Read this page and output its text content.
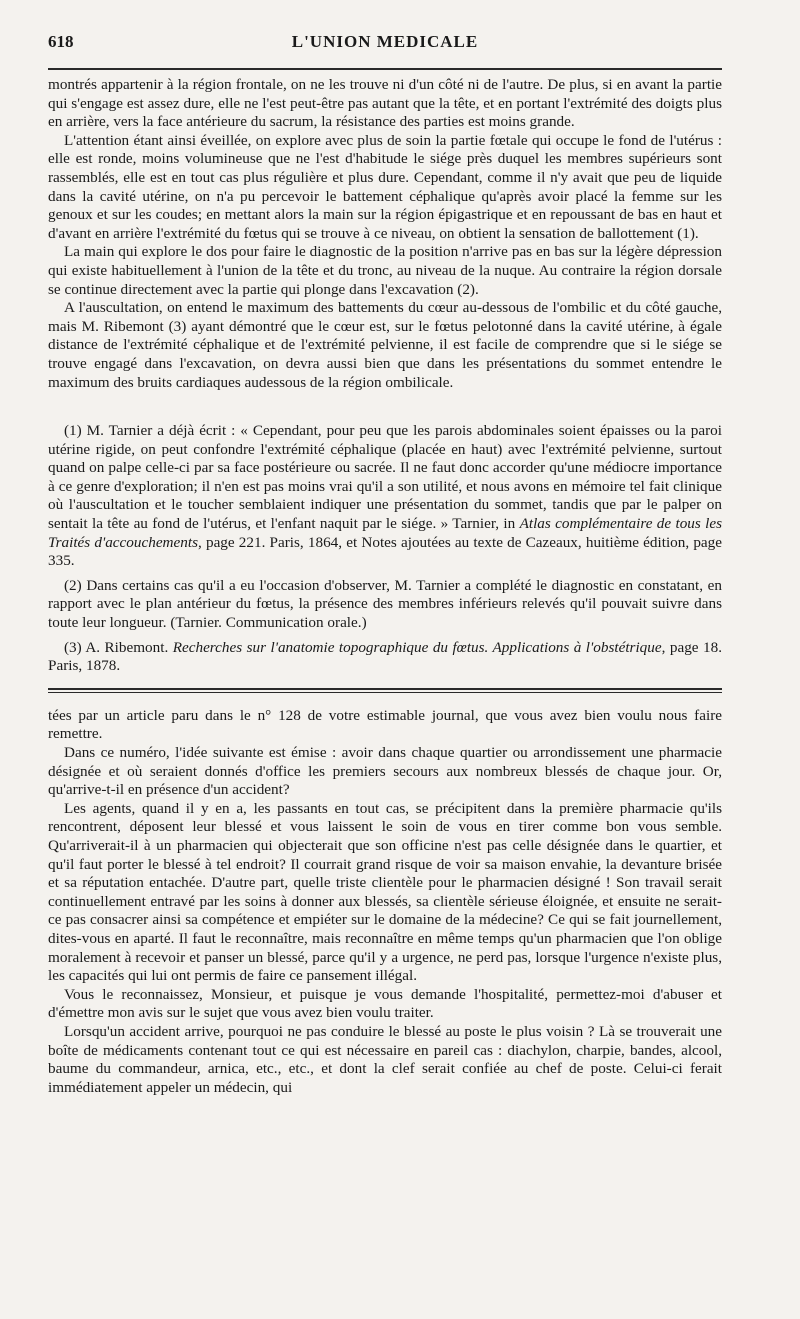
618	L'UNION MEDICALE

montrés appartenir à la région frontale, on ne les trouve ni d'un côté ni de l'autre. De plus, si en avant la partie qui s'engage est assez dure, elle ne l'est peut-être pas autant que la tête, et en portant l'extrémité des doigts plus en arrière, vers la face antérieure du sacrum, la résistance des parties est moins grande.

L'attention étant ainsi éveillée, on explore avec plus de soin la partie fœtale qui occupe le fond de l'utérus : elle est ronde, moins volumineuse que ne l'est d'habitude le siége près duquel les membres supérieurs sont rassemblés, elle est en tout cas plus régulière et plus dure. Cependant, comme il n'y avait que peu de liquide dans la cavité utérine, on n'a pu percevoir le battement céphalique qu'après avoir placé la femme sur les genoux et sur les coudes; en mettant alors la main sur la région épigastrique et en repoussant de bas en haut et d'avant en arrière l'extrémité du fœtus qui se trouve à ce niveau, on obtient la sensation de ballottement (1).

La main qui explore le dos pour faire le diagnostic de la position n'arrive pas en bas sur la légère dépression qui existe habituellement à l'union de la tête et du tronc, au niveau de la nuque. Au contraire la région dorsale se continue directement avec la partie qui plonge dans l'excavation (2).

A l'auscultation, on entend le maximum des battements du cœur au-dessous de l'ombilic et du côté gauche, mais M. Ribemont (3) ayant démontré que le cœur est, sur le fœtus pelotonné dans la cavité utérine, à égale distance de l'extrémité céphalique et de l'extrémité pelvienne, il est facile de comprendre que si le siége se trouve engagé dans l'excavation, on devra aussi bien que dans les présentations du sommet entendre le maximum des bruits cardiaques audessous de la région ombilicale.

(1) M. Tarnier a déjà écrit : « Cependant, pour peu que les parois abdominales soient épaisses ou la paroi utérine rigide, on peut confondre l'extrémité céphalique (placée en haut) avec l'extrémité pelvienne, surtout quand on palpe celle-ci par sa face postérieure ou sacrée. Il ne faut donc accorder qu'une médiocre importance à ce genre d'exploration; il n'en est pas moins vrai qu'il a son utilité, et nous avons en mémoire tel fait clinique où l'auscultation et le toucher semblaient indiquer une présentation du sommet, tandis que par le palper on sentait la tête au fond de l'utérus, et l'enfant naquit par le siége. » Tarnier, in Atlas complémentaire de tous les Traités d'accouchements, page 221. Paris, 1864, et Notes ajoutées au texte de Cazeaux, huitième édition, page 335.

(2) Dans certains cas qu'il a eu l'occasion d'observer, M. Tarnier a complété le diagnostic en constatant, en rapport avec le plan antérieur du fœtus, la présence des membres inférieurs relevés qu'il pouvait suivre dans toute leur longueur. (Tarnier. Communication orale.)

(3) A. Ribemont. Recherches sur l'anatomie topographique du fœtus. Applications à l'obstétrique, page 18. Paris, 1878.

tées par un article paru dans le n° 128 de votre estimable journal, que vous avez bien voulu nous faire remettre.

Dans ce numéro, l'idée suivante est émise : avoir dans chaque quartier ou arrondissement une pharmacie désignée et où seraient donnés d'office les premiers secours aux nombreux blessés de chaque jour. Or, qu'arrive-t-il en présence d'un accident?

Les agents, quand il y en a, les passants en tout cas, se précipitent dans la première pharmacie qu'ils rencontrent, déposent leur blessé et vous laissent le soin de vous en tirer comme bon vous semble. Qu'arriverait-il à un pharmacien qui objecterait que son officine n'est pas celle désignée dans le quartier, et qu'il faut porter le blessé à tel endroit? Il courrait grand risque de voir sa maison envahie, la devanture brisée et sa réputation entachée. D'autre part, quelle triste clientèle pour le pharmacien désigné ! Son travail serait continuellement entravé par les soins à donner aux blessés, sa clientèle sérieuse éloignée, et ensuite ne serait-ce pas consacrer ainsi sa compétence et empiéter sur le domaine de la médecine? Ce qui se fait journellement, dites-vous en aparté. Il faut le reconnaître, mais reconnaître en même temps qu'un pharmacien que l'on oblige moralement à recevoir et panser un blessé, parce qu'il y a urgence, ne perd pas, lorsque l'urgence n'existe plus, les capacités qui lui ont permis de faire ce pansement illégal.

Vous le reconnaissez, Monsieur, et puisque je vous demande l'hospitalité, permettez-moi d'abuser et d'émettre mon avis sur le sujet que vous avez bien voulu traiter.

Lorsqu'un accident arrive, pourquoi ne pas conduire le blessé au poste le plus voisin ? Là se trouverait une boîte de médicaments contenant tout ce qui est nécessaire en pareil cas : diachylon, charpie, bandes, alcool, baume du commandeur, arnica, etc., etc., et dont la clef serait confiée au chef de poste. Celui-ci ferait immédiatement appeler un médecin, qui
